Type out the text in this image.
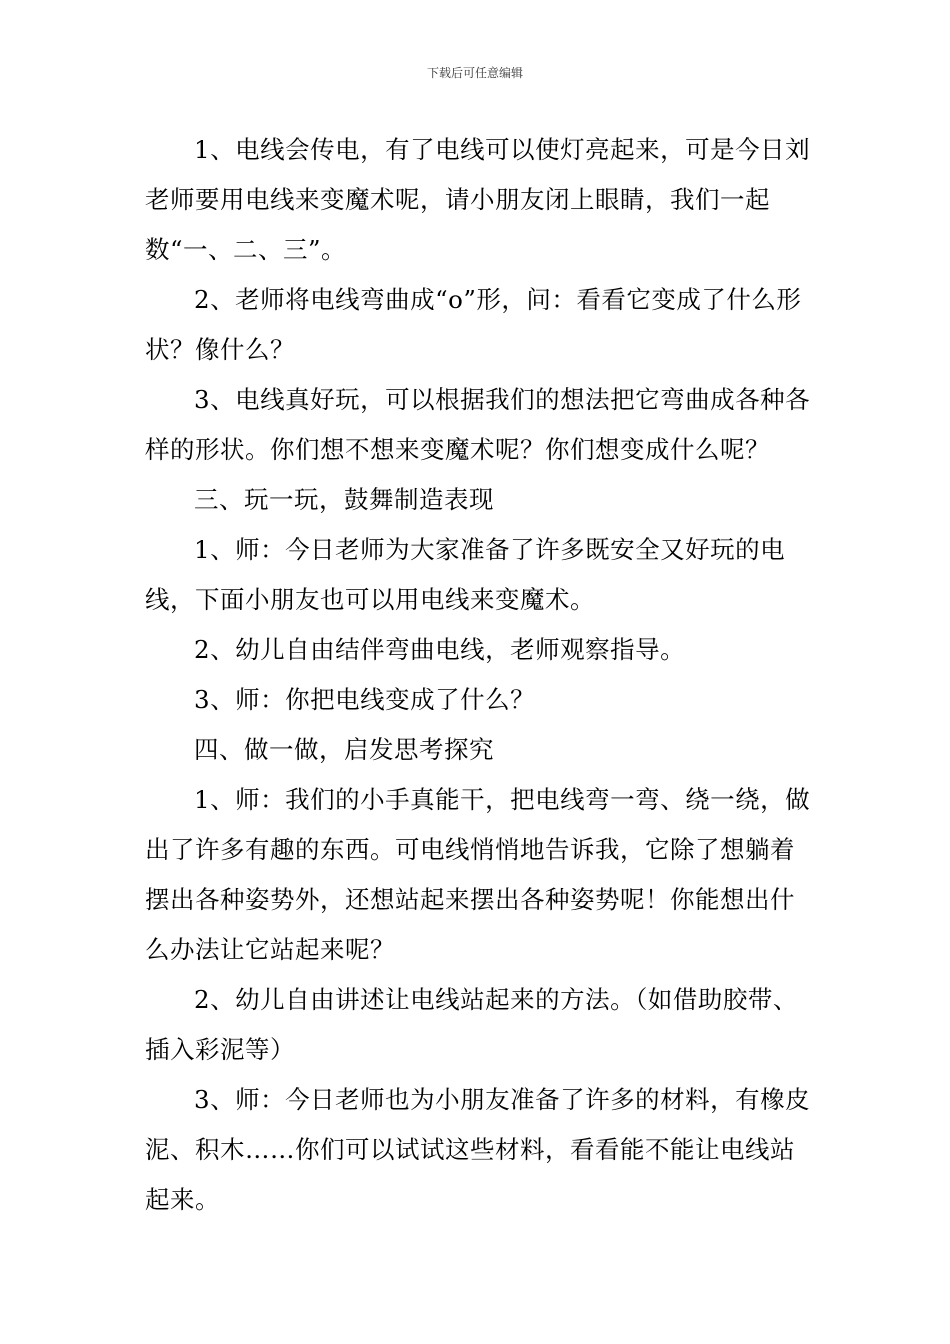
下载后可任意编辑

1、电线会传电，有了电线可以使灯亮起来，可是今日刘老师要用电线来变魔术呢，请小朋友闭上眼睛，我们一起数“一、二、三”。

2、老师将电线弯曲成“o”形，问：看看它变成了什么形状？像什么？

3、电线真好玩，可以根据我们的想法把它弯曲成各种各样的形状。你们想不想来变魔术呢？你们想变成什么呢？

三、玩一玩，鼓舞制造表现

1、师：今日老师为大家准备了许多既安全又好玩的电线，下面小朋友也可以用电线来变魔术。

2、幼儿自由结伴弯曲电线，老师观察指导。

3、师：你把电线变成了什么？

四、做一做，启发思考探究

1、师：我们的小手真能干，把电线弯一弯、绕一绕，做出了许多有趣的东西。可电线悄悄地告诉我，它除了想躺着摆出各种姿势外，还想站起来摆出各种姿势呢！你能想出什么办法让它站起来呢？

2、幼儿自由讲述让电线站起来的方法。（如借助胶带、插入彩泥等）

3、师：今日老师也为小朋友准备了许多的材料，有橡皮泥、积木……你们可以试试这些材料，看看能不能让电线站起来。
